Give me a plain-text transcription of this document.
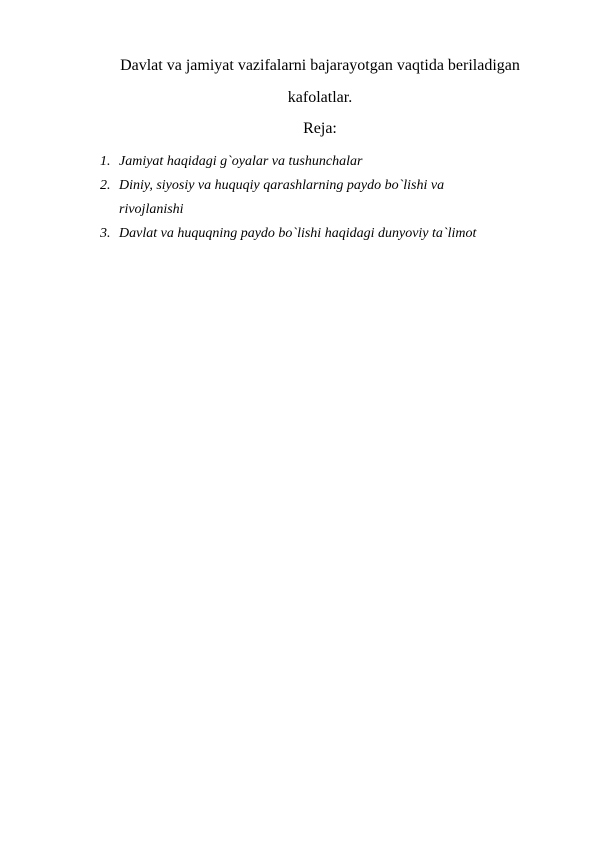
Davlat va jamiyat vazifalarni bajarayotgan vaqtida beriladigan
kafolatlar.
Reja:
1. Jamiyat haqidagi g`oyalar va tushunchalar
2. Diniy, siyosiy va huquqiy qarashlarning paydo bo`lishi va rivojlanishi
3. Davlat va huquqning paydo bo`lishi haqidagi dunyoviy ta`limot
